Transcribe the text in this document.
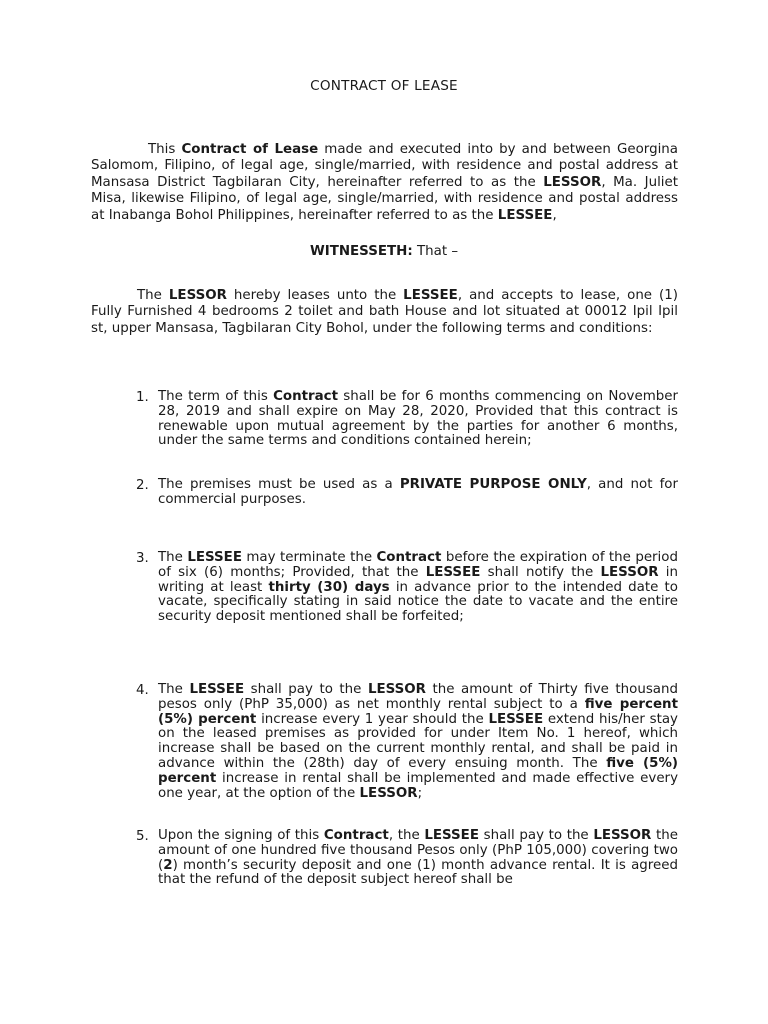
CONTRACT OF LEASE

This Contract of Lease made and executed into by and between Georgina Salomom, Filipino, of legal age, single/married, with residence and postal address at Mansasa District Tagbilaran City, hereinafter referred to as the LESSOR, Ma. Juliet Misa, likewise Filipino, of legal age, single/married, with residence and postal address at Inabanga Bohol Philippines, hereinafter referred to as the LESSEE,

WITNESSETH: That –

The LESSOR hereby leases unto the LESSEE, and accepts to lease, one (1) Fully Furnished 4 bedrooms 2 toilet and bath House and lot situated at 00012 Ipil Ipil st, upper Mansasa, Tagbilaran City Bohol, under the following terms and conditions:

1. The term of this Contract shall be for 6 months commencing on November 28, 2019 and shall expire on May 28, 2020, Provided that this contract is renewable upon mutual agreement by the parties for another 6 months, under the same terms and conditions contained herein;
2. The premises must be used as a PRIVATE PURPOSE ONLY, and not for commercial purposes.
3. The LESSEE may terminate the Contract before the expiration of the period of six (6) months; Provided, that the LESSEE shall notify the LESSOR in writing at least thirty (30) days in advance prior to the intended date to vacate, specifically stating in said notice the date to vacate and the entire security deposit mentioned shall be forfeited;
4. The LESSEE shall pay to the LESSOR the amount of Thirty five thousand pesos only (PhP 35,000) as net monthly rental subject to a five percent (5%) percent increase every 1 year should the LESSEE extend his/her stay on the leased premises as provided for under Item No. 1 hereof, which increase shall be based on the current monthly rental, and shall be paid in advance within the (28th) day of every ensuing month. The five (5%) percent increase in rental shall be implemented and made effective every one year, at the option of the LESSOR;
5. Upon the signing of this Contract, the LESSEE shall pay to the LESSOR the amount of one hundred five thousand Pesos only (PhP 105,000) covering two (2) month’s security deposit and one (1) month advance rental. It is agreed that the refund of the deposit subject hereof shall be
